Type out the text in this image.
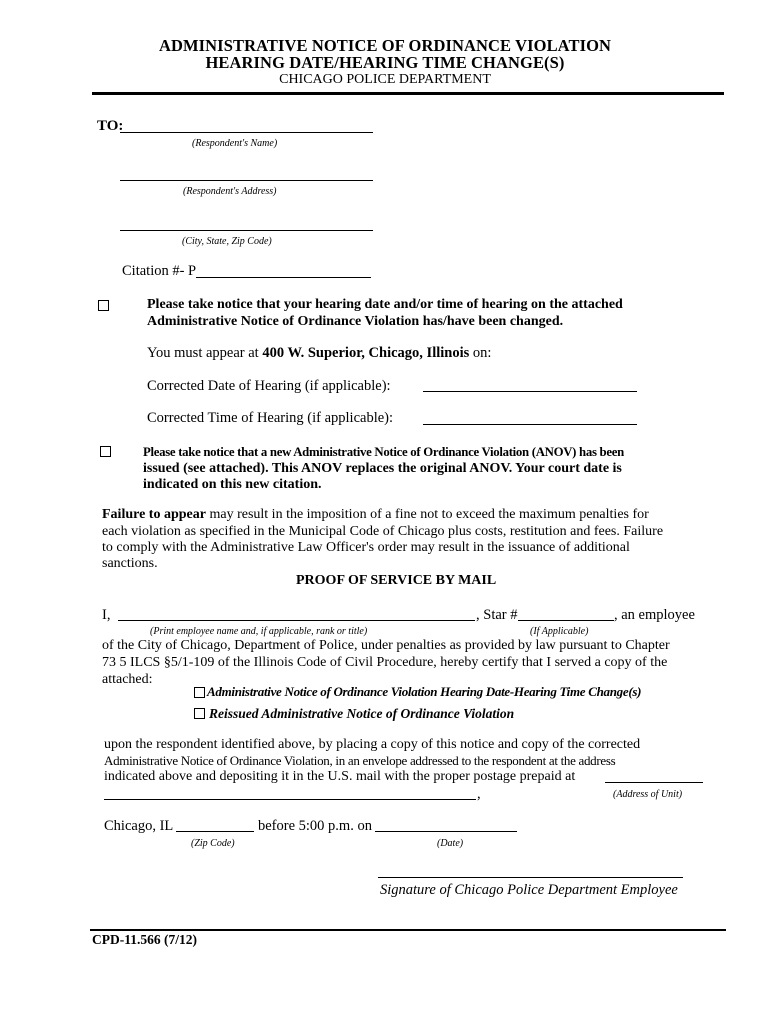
ADMINISTRATIVE NOTICE OF ORDINANCE VIOLATION
HEARING DATE/HEARING TIME CHANGE(S)
CHICAGO POLICE DEPARTMENT
TO:
(Respondent's Name)
(Respondent's Address)
(City, State, Zip Code)
Citation #- P
Please take notice that your hearing date and/or time of hearing on the attached
Administrative Notice of Ordinance Violation has/have been changed.
You must appear at 400 W. Superior, Chicago, Illinois on:
Corrected Date of Hearing (if applicable):
Corrected Time of Hearing (if applicable):
Please take notice that a new Administrative Notice of Ordinance Violation (ANOV) has been
issued (see attached). This ANOV replaces the original ANOV. Your court date is
indicated on this new citation.
Failure to appear may result in the imposition of a fine not to exceed the maximum penalties for
each violation as specified in the Municipal Code of Chicago plus costs, restitution and fees. Failure
to comply with the Administrative Law Officer's order may result in the issuance of additional
sanctions.
PROOF OF SERVICE BY MAIL
I,	, Star #	, an employee
(Print employee name and, if applicable, rank or title)	(If Applicable)
of the City of Chicago, Department of Police, under penalties as provided by law pursuant to Chapter
73 5 ILCS §5/1-109 of the Illinois Code of Civil Procedure, hereby certify that I served a copy of the
attached:
Administrative Notice of Ordinance Violation Hearing Date-Hearing Time Change(s)
Reissued Administrative Notice of Ordinance Violation
upon the respondent identified above, by placing a copy of this notice and copy of the corrected
Administrative Notice of Ordinance Violation, in an envelope addressed to the respondent at the address
indicated above and depositing it in the U.S. mail with the proper postage prepaid at
,	(Address of Unit)
Chicago, IL	before 5:00 p.m. on
(Zip Code)	(Date)
Signature of Chicago Police Department Employee
CPD-11.566 (7/12)
